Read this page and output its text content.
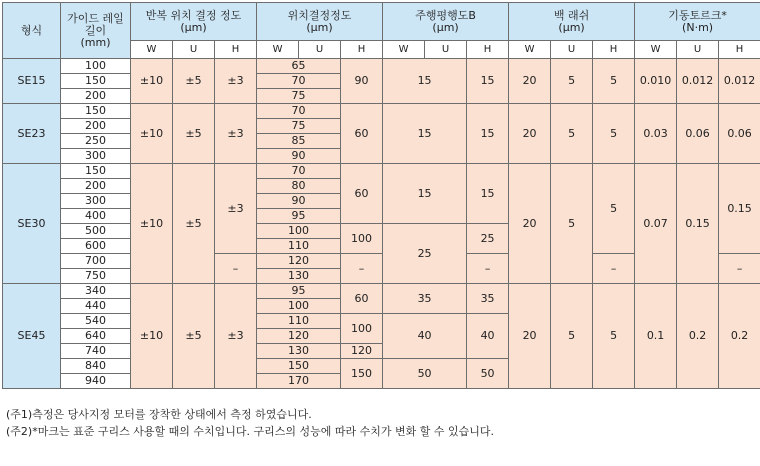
형식	가이드 레일
길이
(mm)	반복 위치 결정 정도
(μm)			위치결정정도
(μm)			주행평행도B
(μm)			백 래쉬
(μm)			기동토르크*
(N·m)		

		W	U	H	W	U	H	W	U	H	W	U	H	W	U	H
SE15	100	±10	±5	±3	65		90	15		15	20	5	5	0.010	0.012	0.012
	150				70											
	200				75											
SE23	150	±10	±5	±3	70		60	15		15	20	5	5	0.03	0.06	0.06
	200				75											
	250				85											
	300				90											
SE30	150	±10	±5	±3	70		60	15		15	20	5	5	0.07	0.15	0.15
	200				80											
	300				90											
	400				95											
	500				100		100	25		25						
	600				110											
	700			–	120		–			–			–			–
	750				130											
SE45	340	±10	±5	±3	95		60	35		35	20	5	5	0.1	0.2	0.2
	440				100											
	540				110		100	40		40						
	640				120											
	740				130		120									
	840				150		150	50		50						
	940				170											
(주1)측정은 당사지정 모터를 장착한 상태에서 측정 하였습니다.
(주2)*마크는 표준 구리스 사용할 때의 수치입니다. 구리스의 성능에 따라 수치가 변화 할 수 있습니다.
